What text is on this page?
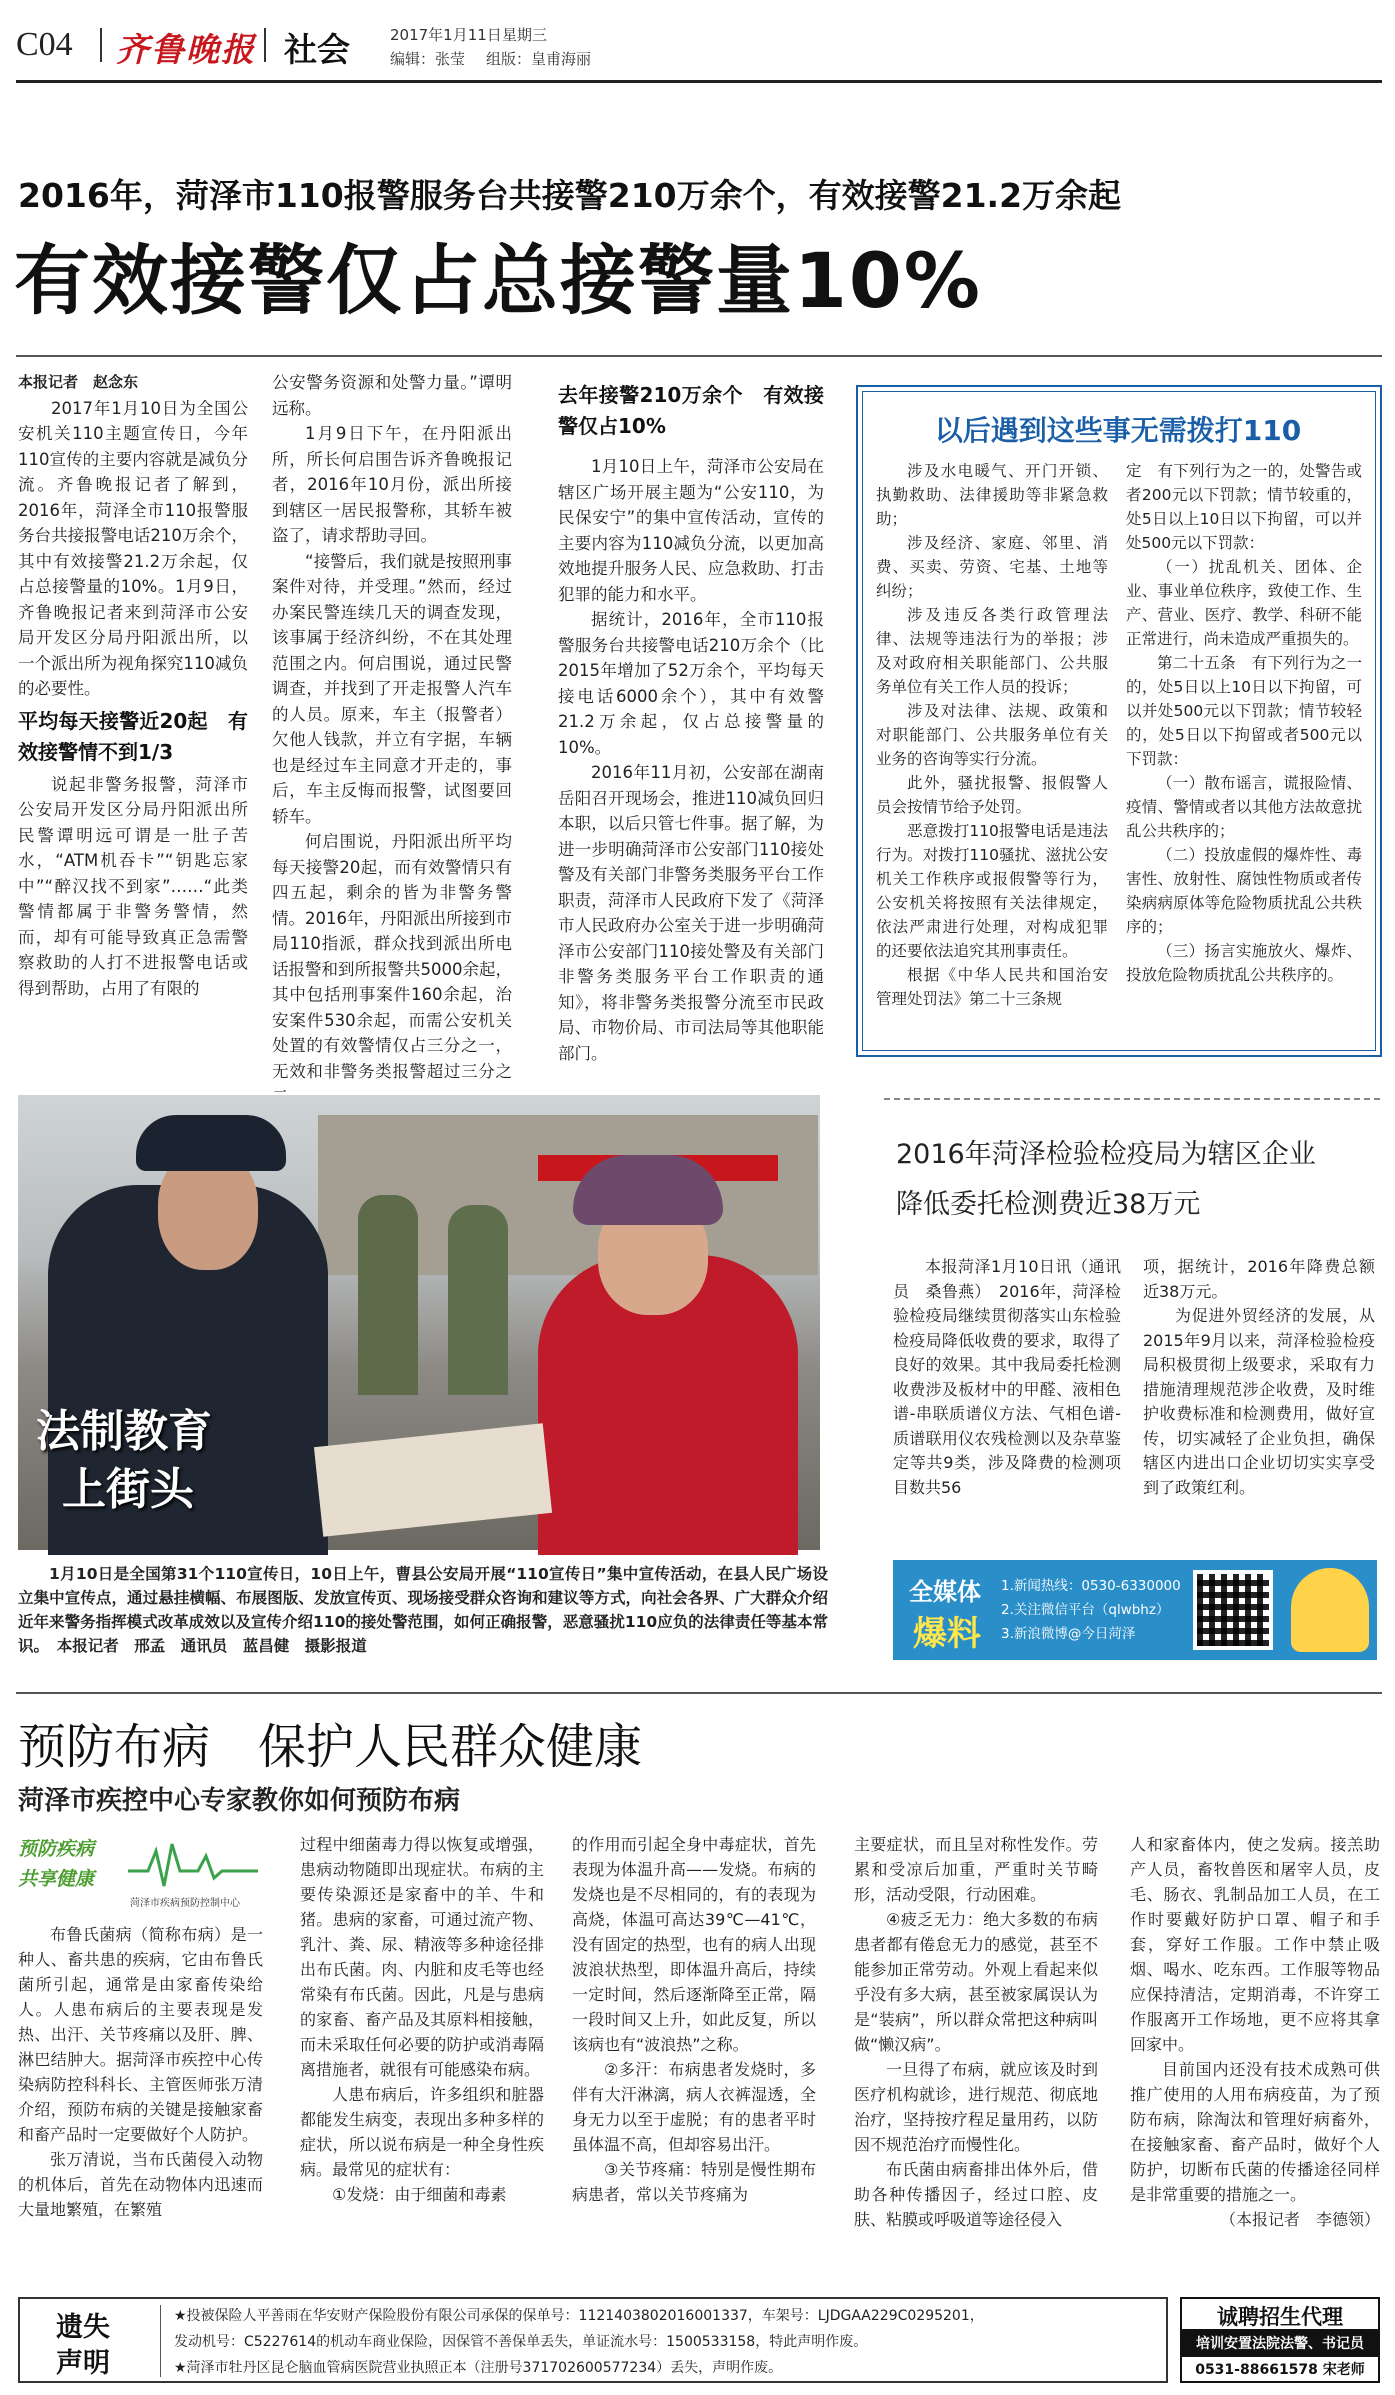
C04 齐鲁晚报 社会	2017年1月11日 星期三
编辑：张莹 组版：皇甫海丽
2016年，菏泽市110报警服务台共接警210万余个，有效接警21.2万余起
有效接警仅占总接警量10%

本报记者　赵念东

2017年1月10日为全国公安机关110主题宣传日，今年110宣传的主要内容就是减负分流。齐鲁晚报记者了解到，2016年，菏泽全市110报警服务台共接报警电话210万余个，其中有效接警21.2万余起，仅占总接警量的10%。1月9日，齐鲁晚报记者来到菏泽市公安局开发区分局丹阳派出所，以一个派出所为视角探究110减负的必要性。

平均每天接警近20起　有效接警情不到1/3

说起非警务报警，菏泽市公安局开发区分局丹阳派出所民警谭明远可谓是一肚子苦水，“ATM机吞卡”“钥匙忘家中”“醉汉找不到家”……“此类警情都属于非警务警情，然而，却有可能导致真正急需警察救助的人打不进报警电话或得到帮助，占用了有限的

公安警务资源和处警力量。”谭明远称。

1月9日下午，在丹阳派出所，所长何启围告诉齐鲁晚报记者，2016年10月份，派出所接到辖区一居民报警称，其轿车被盗了，请求帮助寻回。

“接警后，我们就是按照刑事案件对待，并受理。”然而，经过办案民警连续几天的调查发现，该事属于经济纠纷，不在其处理范围之内。何启围说，通过民警调查，并找到了开走报警人汽车的人员。原来，车主（报警者）欠他人钱款，并立有字据，车辆也是经过车主同意才开走的，事后，车主反悔而报警，试图要回轿车。

何启围说，丹阳派出所平均每天接警20起，而有效警情只有四五起，剩余的皆为非警务警情。2016年，丹阳派出所接到市局110指派，群众找到派出所电话报警和到所报警共5000余起，其中包括刑事案件160余起，治安案件530余起，而需公安机关处置的有效警情仅占三分之一，无效和非警务类报警超过三分之

去年接警210万余个　有效接警仅占10%

1月10日上午，菏泽市公安局在辖区广场开展主题为“公安110，为民保安宁”的集中宣传活动，宣传的主要内容为110减负分流，以更加高效地提升服务人民、应急救助、打击犯罪的能力和水平。

据统计，2016年，全市110报警服务台共接警电话210万余个（比2015年增加了52万余个，平均每天接电话6000余个），其中有效警21.2万余起，仅占总接警量的10%。

2016年11月初，公安部在湖南岳阳召开现场会，推进110减负回归本职，以后只管七件事。据了解，为进一步明确菏泽市公安部门110接处警及有关部门非警务类服务平台工作职责，菏泽市人民政府下发了《菏泽市人民政府办公室关于进一步明确菏泽市公安部门110接处警及有关部门非警务类服务平台工作职责的通知》，将非警务类报警分流至市民政局、市物价局、市司法局等其他职能部门。

以后遇到这些事无需拨打110

涉及水电暖气、开门开锁、执勤救助、法律援助等非紧急救助；

涉及经济、家庭、邻里、消费、买卖、劳资、宅基、土地等纠纷；

涉及违反各类行政管理法律、法规等违法行为的举报；涉及对政府相关职能部门、公共服务单位有关工作人员的投诉；

涉及对法律、法规、政策和对职能部门、公共服务单位有关业务的咨询等实行分流。

此外，骚扰报警、报假警人员会按情节给予处罚。

恶意拨打110报警电话是违法行为。对拨打110骚扰、滋扰公安机关工作秩序或报假警等行为，公安机关将按照有关法律规定，依法严肃进行处理，对构成犯罪的还要依法追究其刑事责任。

根据《中华人民共和国治安管理处罚法》第二十三条规

定　有下列行为之一的，处警告或者200元以下罚款；情节较重的，处5日以上10日以下拘留，可以并处500元以下罚款：

（一）扰乱机关、团体、企业、事业单位秩序，致使工作、生产、营业、医疗、教学、科研不能正常进行，尚未造成严重损失的。

第二十五条　有下列行为之一的，处5日以上10日以下拘留，可以并处500元以下罚款；情节较轻的，处5日以下拘留或者500元以下罚款：

（一）散布谣言，谎报险情、疫情、警情或者以其他方法故意扰乱公共秩序的；

（二）投放虚假的爆炸性、毒害性、放射性、腐蚀性物质或者传染病病原体等危险物质扰乱公共秩序的；

（三）扬言实施放火、爆炸、投放危险物质扰乱公共秩序的。

法制教育
上街头

1月10日是全国第31个110宣传日，10日上午，曹县公安局开展“110宣传日”集中宣传活动，在县人民广场设立集中宣传点，通过悬挂横幅、布展图版、发放宣传页、现场接受群众咨询和建议等方式，向社会各界、广大群众介绍近年来警务指挥模式改革成效以及宣传介绍110的接处警范围，如何正确报警，恶意骚扰110应负的法律责任等基本常识。　本报记者　邢孟　通讯员　蓝昌健　摄影报道

2016年菏泽检验检疫局为辖区企业
降低委托检测费近38万元

本报菏泽1月10日讯（通讯员　桑鲁燕）　2016年，菏泽检验检疫局继续贯彻落实山东检验检疫局降低收费的要求，取得了良好的效果。其中我局委托检测收费涉及板材中的甲醛、液相色谱-串联质谱仪方法、气相色谱-质谱联用仪农残检测以及杂草鉴定等共9类，涉及降费的检测项目数共56

项，据统计，2016年降费总额近38万元。

为促进外贸经济的发展，从2015年9月以来，菏泽检验检疫局积极贯彻上级要求，采取有力措施清理规范涉企收费，及时维护收费标准和检测费用，做好宣传，切实减轻了企业负担，确保辖区内进出口企业切切实实享受到了政策红利。

全媒体
爆料
1.新闻热线：0530-6330000
2.关注微信平台（qlwbhz）
3.新浪微博@今日菏泽
预防布病　保护人民群众健康
菏泽市疾控中心专家教你如何预防布病
预防疾病
共享健康
菏泽市疾病预防控制中心

布鲁氏菌病（简称布病）是一种人、畜共患的疾病，它由布鲁氏菌所引起，通常是由家畜传染给人。人患布病后的主要表现是发热、出汗、关节疼痛以及肝、脾、淋巴结肿大。据菏泽市疾控中心传染病防控科科长、主管医师张万清介绍，预防布病的关键是接触家畜和畜产品时一定要做好个人防护。

张万清说，当布氏菌侵入动物的机体后，首先在动物体内迅速而大量地繁殖，在繁殖

过程中细菌毒力得以恢复或增强，患病动物随即出现症状。布病的主要传染源还是家畜中的羊、牛和猪。患病的家畜，可通过流产物、乳汁、粪、尿、精液等多种途径排出布氏菌。肉、内脏和皮毛等也经常染有布氏菌。因此，凡是与患病的家畜、畜产品及其原料相接触，而未采取任何必要的防护或消毒隔离措施者，就很有可能感染布病。

人患布病后，许多组织和脏器都能发生病变，表现出多种多样的症状，所以说布病是一种全身性疾病。最常见的症状有：

①发烧：由于细菌和毒素

的作用而引起全身中毒症状，首先表现为体温升高——发烧。布病的发烧也是不尽相同的，有的表现为高烧，体温可高达39℃—41℃，没有固定的热型，也有的病人出现波浪状热型，即体温升高后，持续一定时间，然后逐渐降至正常，隔一段时间又上升，如此反复，所以该病也有“波浪热”之称。

②多汗：布病患者发烧时，多伴有大汗淋漓，病人衣裤湿透，全身无力以至于虚脱；有的患者平时虽体温不高，但却容易出汗。

③关节疼痛：特别是慢性期布病患者，常以关节疼痛为

主要症状，而且呈对称性发作。劳累和受凉后加重，严重时关节畸形，活动受限，行动困难。

④疲乏无力：绝大多数的布病患者都有倦怠无力的感觉，甚至不能参加正常劳动。外观上看起来似乎没有多大病，甚至被家属误认为是“装病”，所以群众常把这种病叫做“懒汉病”。

一旦得了布病，就应该及时到医疗机构就诊，进行规范、彻底地治疗，坚持按疗程足量用药，以防因不规范治疗而慢性化。

布氏菌由病畜排出体外后，借助各种传播因子，经过口腔、皮肤、粘膜或呼吸道等途径侵入

人和家畜体内，使之发病。接羔助产人员，畜牧兽医和屠宰人员，皮毛、肠衣、乳制品加工人员，在工作时要戴好防护口罩、帽子和手套，穿好工作服。工作中禁止吸烟、喝水、吃东西。工作服等物品应保持清洁，定期消毒，不许穿工作服离开工作场地，更不应将其拿回家中。

目前国内还没有技术成熟可供推广使用的人用布病疫苗，为了预防布病，除淘汰和管理好病畜外，在接触家畜、畜产品时，做好个人防护，切断布氏菌的传播途径同样是非常重要的措施之一。

（本报记者　李德领）

遗失
声明
★投被保险人平善雨在华安财产保险股份有限公司承保的保单号：1121403802016001337，车架号：LJDGAA229C0295201，
发动机号：C5227614的机动车商业保险，因保管不善保单丢失，单证流水号：1500533158，特此声明作废。
★菏泽市牡丹区昆仑脑血管病医院营业执照正本（注册号371702600577234）丢失，声明作废。
诚聘招生代理
培训安置法院法警、书记员
0531-88661578 宋老师
